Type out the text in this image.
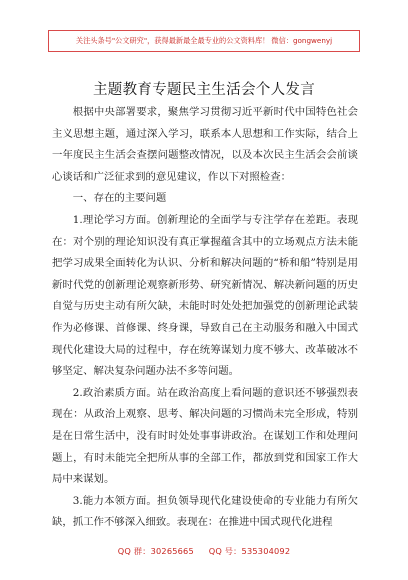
关注头条号"公文研究"，获得最新最全最专业的公文资料库！ 微信：gongwenyj
主题教育专题民主生活会个人发言

根据中央部署要求，聚焦学习贯彻习近平新时代中国特色社会主义思想主题，通过深入学习，联系本人思想和工作实际，结合上一年度民主生活会查摆问题整改情况，以及本次民主生活会会前谈心谈话和广泛征求到的意见建议，作以下对照检查：

一、存在的主要问题

1.理论学习方面。创新理论的全面学与专注学存在差距。表现在：对个别的理论知识没有真正掌握蕴含其中的立场观点方法未能把学习成果全面转化为认识、分析和解决问题的“桥和船”特别是用新时代党的创新理论观察新形势、研究新情况、解决新问题的历史自觉与历史主动有所欠缺，未能时时处处把加强党的创新理论武装作为必修课、首修课、终身课，导致自己在主动服务和融入中国式现代化建设大局的过程中，存在统筹谋划力度不够大、改革破冰不够坚定、解决复杂问题办法不多等问题。

2.政治素质方面。站在政治高度上看问题的意识还不够强烈表现在：从政治上观察、思考、解决问题的习惯尚未完全形成，特别是在日常生活中，没有时时处处事事讲政治。在谋划工作和处理问题上，有时未能完全把所从事的全部工作，都放到党和国家工作大局中来谋划。

3.能力本领方面。担负领导现代化建设使命的专业能力有所欠缺，抓工作不够深入细致。表现在：在推进中国式现代化进程

QQ 群：30265665 QQ 号：535304092
